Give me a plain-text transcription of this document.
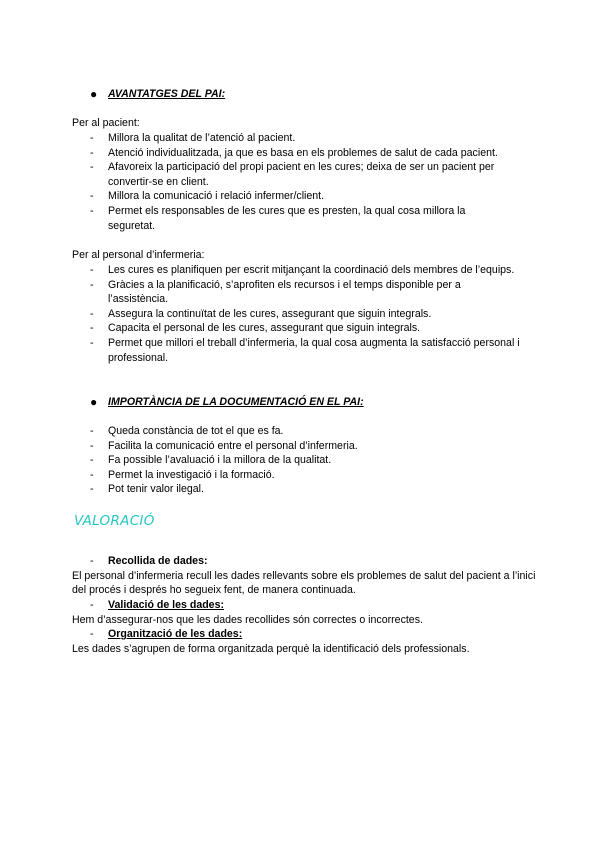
●	AVANTATGES DEL PAI:
Per al pacient:
- Millora la qualitat de l’atenció al pacient.
- Atenció individualitzada, ja que es basa en els problemes de salut de cada pacient.
- Afavoreix la participació del propi pacient en les cures; deixa de ser un pacient per convertir-se en client.
- Millora la comunicació i relació infermer/client.
- Permet els responsables de les cures que es presten, la qual cosa millora la seguretat.
Per al personal d’infermeria:
- Les cures es planifiquen per escrit mitjançant la coordinació dels membres de l’equips.
- Gràcies a la planificació, s’aprofiten els recursos i el temps disponible per a l’assistència.
- Assegura la continuïtat de les cures, assegurant que siguin integrals.
- Capacita el personal de les cures, assegurant que siguin integrals.
- Permet que millori el treball d’infermeria, la qual cosa augmenta la satisfacció personal i professional.
●	IMPORTÀNCIA DE LA DOCUMENTACIÓ EN EL PAI:
- Queda constància de tot el que es fa.
- Facilita la comunicació entre el personal d’infermeria.
- Fa possible l’avaluació i la millora de la qualitat.
- Permet la investigació i la formació.
- Pot tenir valor ilegal.
VALORACIÓ
- Recollida de dades:
El personal d’infermeria recull les dades rellevants sobre els problemes de salut del pacient a l’inici del procés i després ho segueix fent, de manera continuada.
- Validació de les dades:
Hem d’assegurar-nos que les dades recollides són correctes o incorrectes.
- Organització de les dades:
Les dades s’agrupen de forma organitzada perquè la identificació dels professionals.
